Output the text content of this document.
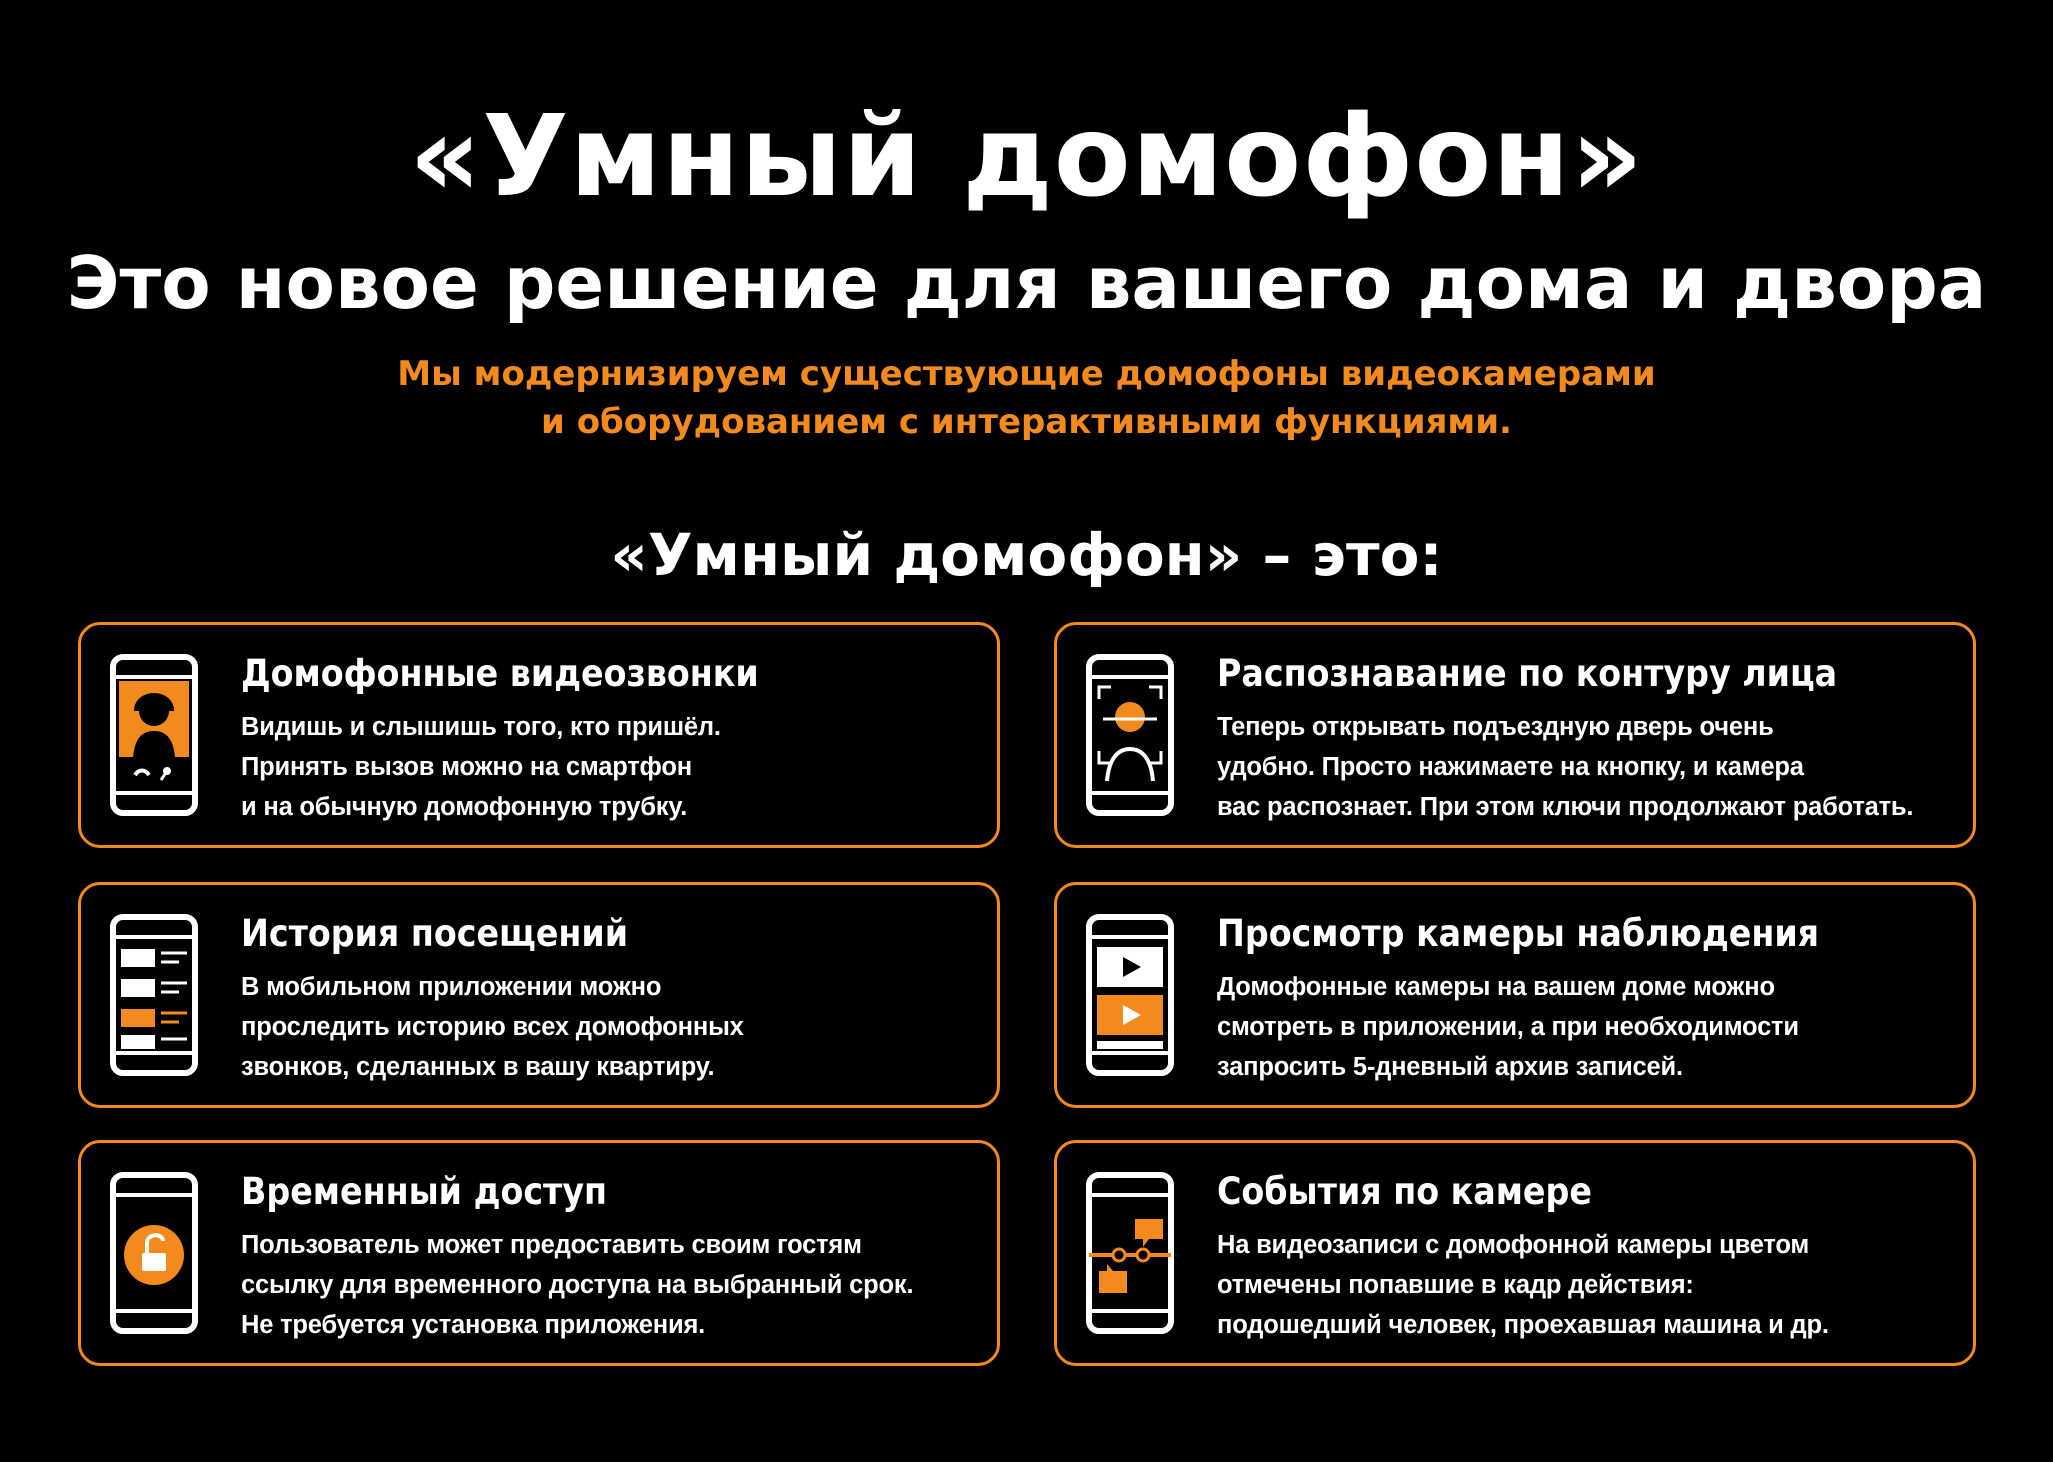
«Умный домофон»
Это новое решение для вашего дома и двора
Мы модернизируем существующие домофоны видеокамерами
и оборудованием с интерактивными функциями.
«Умный домофон» – это:
Домофонные видеозвонки

Видишь и слышишь того, кто пришёл.
Принять вызов можно на смартфон
и на обычную домофонную трубку.

Распознавание по контуру лица

Теперь открывать подъездную дверь очень
удобно. Просто нажимаете на кнопку, и камера
вас распознает. При этом ключи продолжают работать.

История посещений

В мобильном приложении можно
проследить историю всех домофонных
звонков, сделанных в вашу квартиру.

Просмотр камеры наблюдения

Домофонные камеры на вашем доме можно
смотреть в приложении, а при необходимости
запросить 5-дневный архив записей.

Временный доступ

Пользователь может предоставить своим гостям
ссылку для временного доступа на выбранный срок.
Не требуется установка приложения.

События по камере

На видеозаписи с домофонной камеры цветом
отмечены попавшие в кадр действия:
подошедший человек, проехавшая машина и др.
